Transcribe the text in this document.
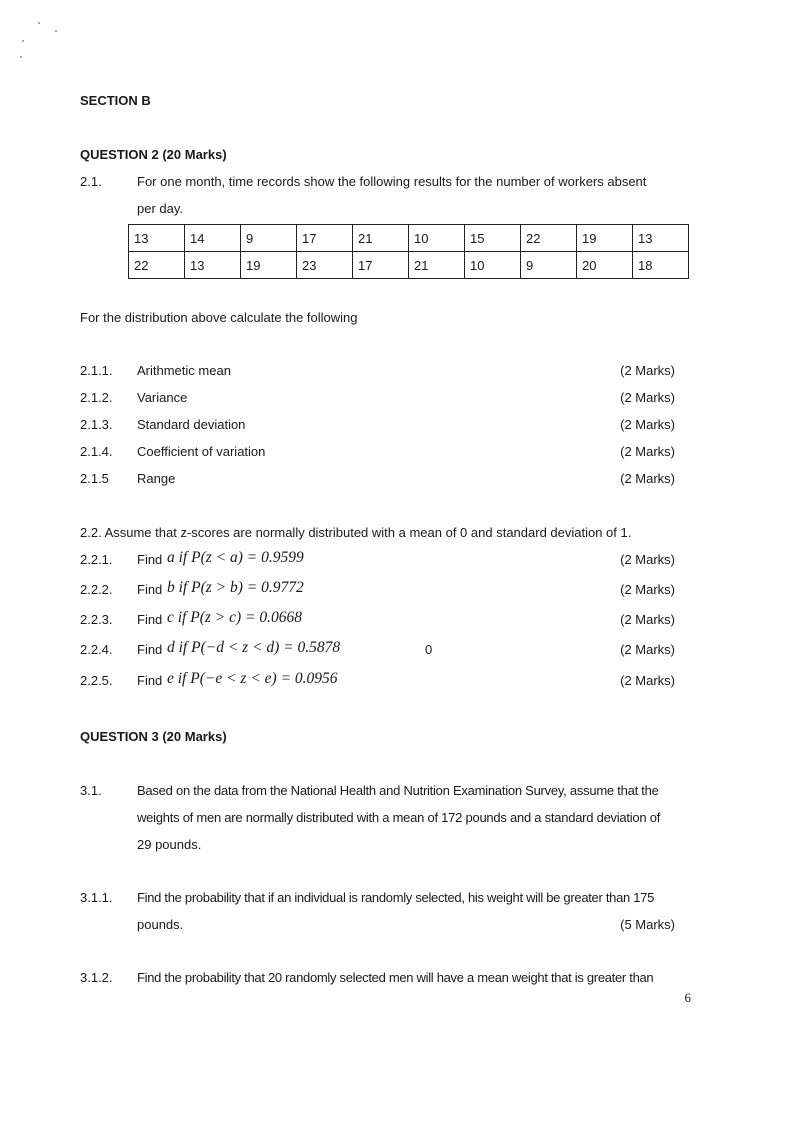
SECTION B
QUESTION 2 (20 Marks)
2.1.	For one month, time records show the following results for the number of workers absent
per day.
13	14	9	17	21	10	15	22	19	13
22	13	19	23	17	21	10	9	20	18
For the distribution above calculate the following
2.1.1. Arithmetic mean	(2 Marks)
2.1.2. Variance	(2 Marks)
2.1.3. Standard deviation	(2 Marks)
2.1.4. Coefficient of variation	(2 Marks)
2.1.5 Range	(2 Marks)
2.2. Assume that z-scores are normally distributed with a mean of 0 and standard deviation of 1.
2.2.1. Find a if P(z < a) = 0.9599	(2 Marks)
2.2.2. Find b if P(z > b) = 0.9772	(2 Marks)
2.2.3. Find c if P(z > c) = 0.0668	(2 Marks)
2.2.4. Find d if P(−d < z < d) = 0.5878	0	(2 Marks)
2.2.5. Find e if P(−e < z < e) = 0.0956	(2 Marks)
QUESTION 3 (20 Marks)
3.1.	Based on the data from the National Health and Nutrition Examination Survey, assume that the
weights of men are normally distributed with a mean of 172 pounds and a standard deviation of
29 pounds.
3.1.1. Find the probability that if an individual is randomly selected, his weight will be greater than 175
pounds.	(5 Marks)
3.1.2. Find the probability that 20 randomly selected men will have a mean weight that is greater than
6
